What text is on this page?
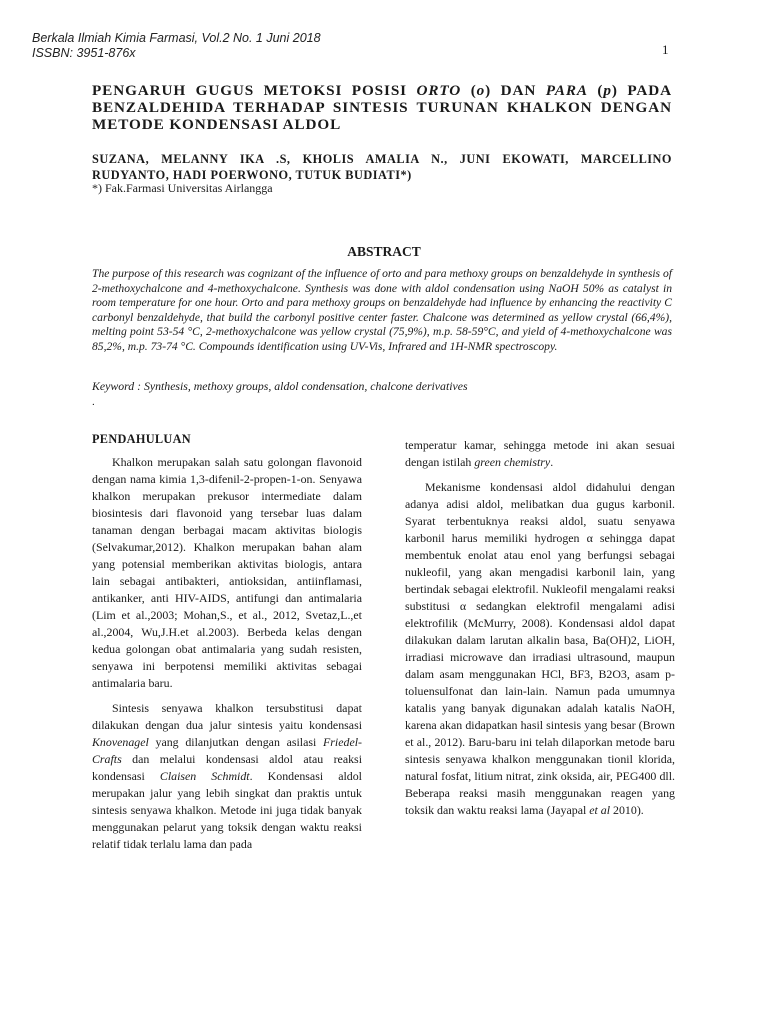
Berkala Ilmiah Kimia Farmasi, Vol.2 No. 1 Juni 2018
ISSBN: 3951-876x	1
PENGARUH GUGUS METOKSI POSISI ORTO (o) DAN PARA (p) PADA BENZALDEHIDA TERHADAP SINTESIS TURUNAN KHALKON DENGAN METODE KONDENSASI ALDOL
SUZANA, MELANNY IKA .S, KHOLIS AMALIA N., JUNI EKOWATI, MARCELLINO RUDYANTO, HADI POERWONO, TUTUK BUDIATI*)
*) Fak.Farmasi Universitas Airlangga
ABSTRACT

The purpose of this research was cognizant of the influence of orto and para methoxy groups on benzaldehyde in synthesis of 2-methoxychalcone and 4-methoxychalcone. Synthesis was done with aldol condensation using NaOH 50% as catalyst in room temperature for one hour. Orto and para methoxy groups on benzaldehyde had influence by enhancing the reactivity C carbonyl benzaldehyde, that build the carbonyl positive center faster. Chalcone was determined as yellow crystal (66,4%), melting point 53-54 °C, 2-methoxychalcone was yellow crystal (75,9%), m.p. 58-59°C, and yield of 4-methoxychalcone was 85,2%, m.p. 73-74 °C. Compounds identification using UV-Vis, Infrared and 1H-NMR spectroscopy.

Keyword : Synthesis, methoxy groups, aldol condensation, chalcone derivatives
.
PENDAHULUAN

Khalkon merupakan salah satu golongan flavonoid dengan nama kimia 1,3-difenil-2-propen-1-on. Senyawa khalkon merupakan prekusor intermediate dalam biosintesis dari flavonoid yang tersebar luas dalam tanaman dengan berbagai macam aktivitas biologis (Selvakumar,2012). Khalkon merupakan bahan alam yang potensial memberikan aktivitas biologis, antara lain sebagai antibakteri, antioksidan, antiinflamasi, antikanker, anti HIV-AIDS, antifungi dan antimalaria (Lim et al.,2003; Mohan,S., et al., 2012, Svetaz,L.,et al.,2004, Wu,J.H.et al.2003). Berbeda kelas dengan kedua golongan obat antimalaria yang sudah resisten, senyawa ini berpotensi memiliki aktivitas sebagai antimalaria baru.

Sintesis senyawa khalkon tersubstitusi dapat dilakukan dengan dua jalur sintesis yaitu kondensasi Knovenagel yang dilanjutkan dengan asilasi Friedel-Crafts dan melalui kondensasi aldol atau reaksi kondensasi Claisen Schmidt. Kondensasi aldol merupakan jalur yang lebih singkat dan praktis untuk sintesis senyawa khalkon. Metode ini juga tidak banyak menggunakan pelarut yang toksik dengan waktu reaksi relatif tidak terlalu lama dan pada

temperatur kamar, sehingga metode ini akan sesuai dengan istilah green chemistry.

Mekanisme kondensasi aldol didahului dengan adanya adisi aldol, melibatkan dua gugus karbonil. Syarat terbentuknya reaksi aldol, suatu senyawa karbonil harus memiliki hydrogen α sehingga dapat membentuk enolat atau enol yang berfungsi sebagai nukleofil, yang akan mengadisi karbonil lain, yang bertindak sebagai elektrofil. Nukleofil mengalami reaksi substitusi α sedangkan elektrofil mengalami adisi elektrofilik (McMurry, 2008). Kondensasi aldol dapat dilakukan dalam larutan alkalin basa, Ba(OH)2, LiOH, irradiasi microwave dan irradiasi ultrasound, maupun dalam asam menggunakan HCl, BF3, B2O3, asam p-toluensulfonat dan lain-lain. Namun pada umumnya katalis yang banyak digunakan adalah katalis NaOH, karena akan didapatkan hasil sintesis yang besar (Brown et al., 2012). Baru-baru ini telah dilaporkan metode baru sintesis senyawa khalkon menggunakan tionil klorida, natural fosfat, litium nitrat, zink oksida, air, PEG400 dll. Beberapa reaksi masih menggunakan reagen yang toksik dan waktu reaksi lama (Jayapal et al 2010).
